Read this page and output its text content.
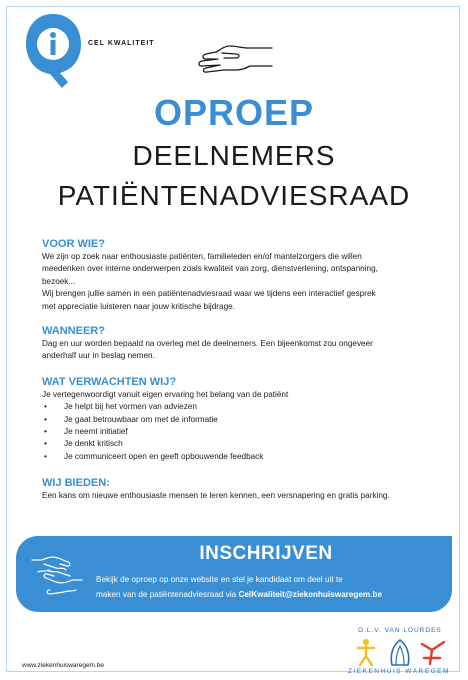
CEL KWALITEIT
OPROEP
DEELNEMERS
PATIËNTENADVIESRAAD

VOOR WIE?

We zijn op zoek naar enthousiaste patiënten, familieleden en/of mantelzorgers die willen

meedenken over interne onderwerpen zoals kwaliteit van zorg, dienstverlening, ontspanning,

bezoek...

Wij brengen jullie samen in een patiëntenadviesraad waar we tijdens een interactief gesprek

met appreciatie luisteren naar jouw kritische bijdrage.

WANNEER?

Dag en uur worden bepaald na overleg met de deelnemers. Een bijeenkomst zou ongeveer

anderhalf uur in beslag nemen.

WAT VERWACHTEN WIJ?

Je vertegenwoordigt vanuit eigen ervaring het belang van de patiënt

• Je helpt bij het vormen van adviezen
• Je gaat betrouwbaar om met de informatie
• Je neemt initiatief
• Je denkt kritisch
• Je communiceert open en geeft opbouwende feedback

WIJ BIEDEN:

Een kans om nieuwe enthousiaste mensen te leren kennen, een versnapering en gratis parking.

INSCHRIJVEN
Bekijk de oproep op onze website en stel je kandidaat om deel uit te
maken van de patiëntenadviesraad via CelKwaliteit@ziekenhuiswaregem.be
www.ziekenhuiswaregem.be
O.L.V. VAN LOURDES
ZIEKENHUIS WAREGEM
